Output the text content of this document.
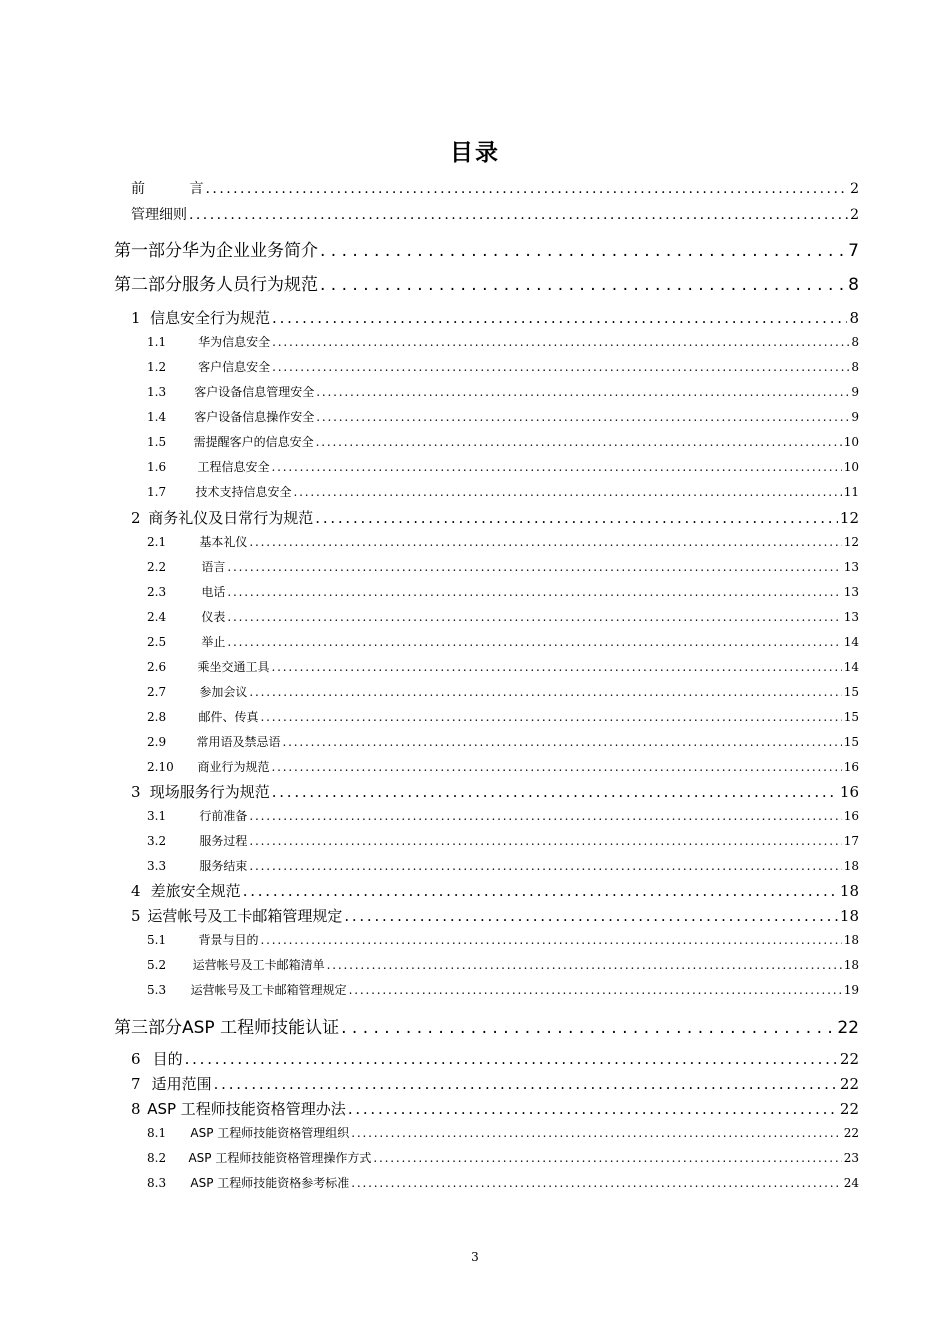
目录
前          言 . . .	2
管理细则 . . .	2
第一部分 华为企业业务简介 . . .	7
第二部分 服务人员行为规范 . . .	8
1 信息安全行为规范 . . .	8
1.1	华为信息安全 . . .	8
1.2	客户信息安全 . . .	8
1.3	客户设备信息管理安全 . . .	9
1.4	客户设备信息操作安全 . . .	9
1.5	需提醒客户的信息安全 . . .	10
1.6	工程信息安全 . . .	10
1.7	技术支持信息安全 . . .	11
2 商务礼仪及日常行为规范 . . .	12
2.1	基本礼仪 . . .	12
2.2	语言 . . .	13
2.3	电话 . . .	13
2.4	仪表 . . .	13
2.5	举止 . . .	14
2.6	乘坐交通工具 . . .	14
2.7	参加会议 . . .	15
2.8	邮件、传真 . . .	15
2.9	常用语及禁忌语 . . .	15
2.10	商业行为规范 . . .	16
3 现场服务行为规范 . . .	16
3.1	行前准备 . . .	16
3.2	服务过程 . . .	17
3.3	服务结束 . . .	18
4 差旅安全规范 . . .	18
5 运营帐号及工卡邮箱管理规定 . . .	18
5.1	背景与目的 . . .	18
5.2	运营帐号及工卡邮箱清单 . . .	18
5.3	运营帐号及工卡邮箱管理规定 . . .	19
第三部分 ASP 工程师技能认证 . . .	22
6 目的 . . .	22
7 适用范围 . . .	22
8 ASP 工程师技能资格管理办法 . . .	22
8.1	ASP 工程师技能资格管理组织 . . .	22
8.2	ASP 工程师技能资格管理操作方式 . . .	23
8.3	ASP 工程师技能资格参考标准 . . .	24
3
